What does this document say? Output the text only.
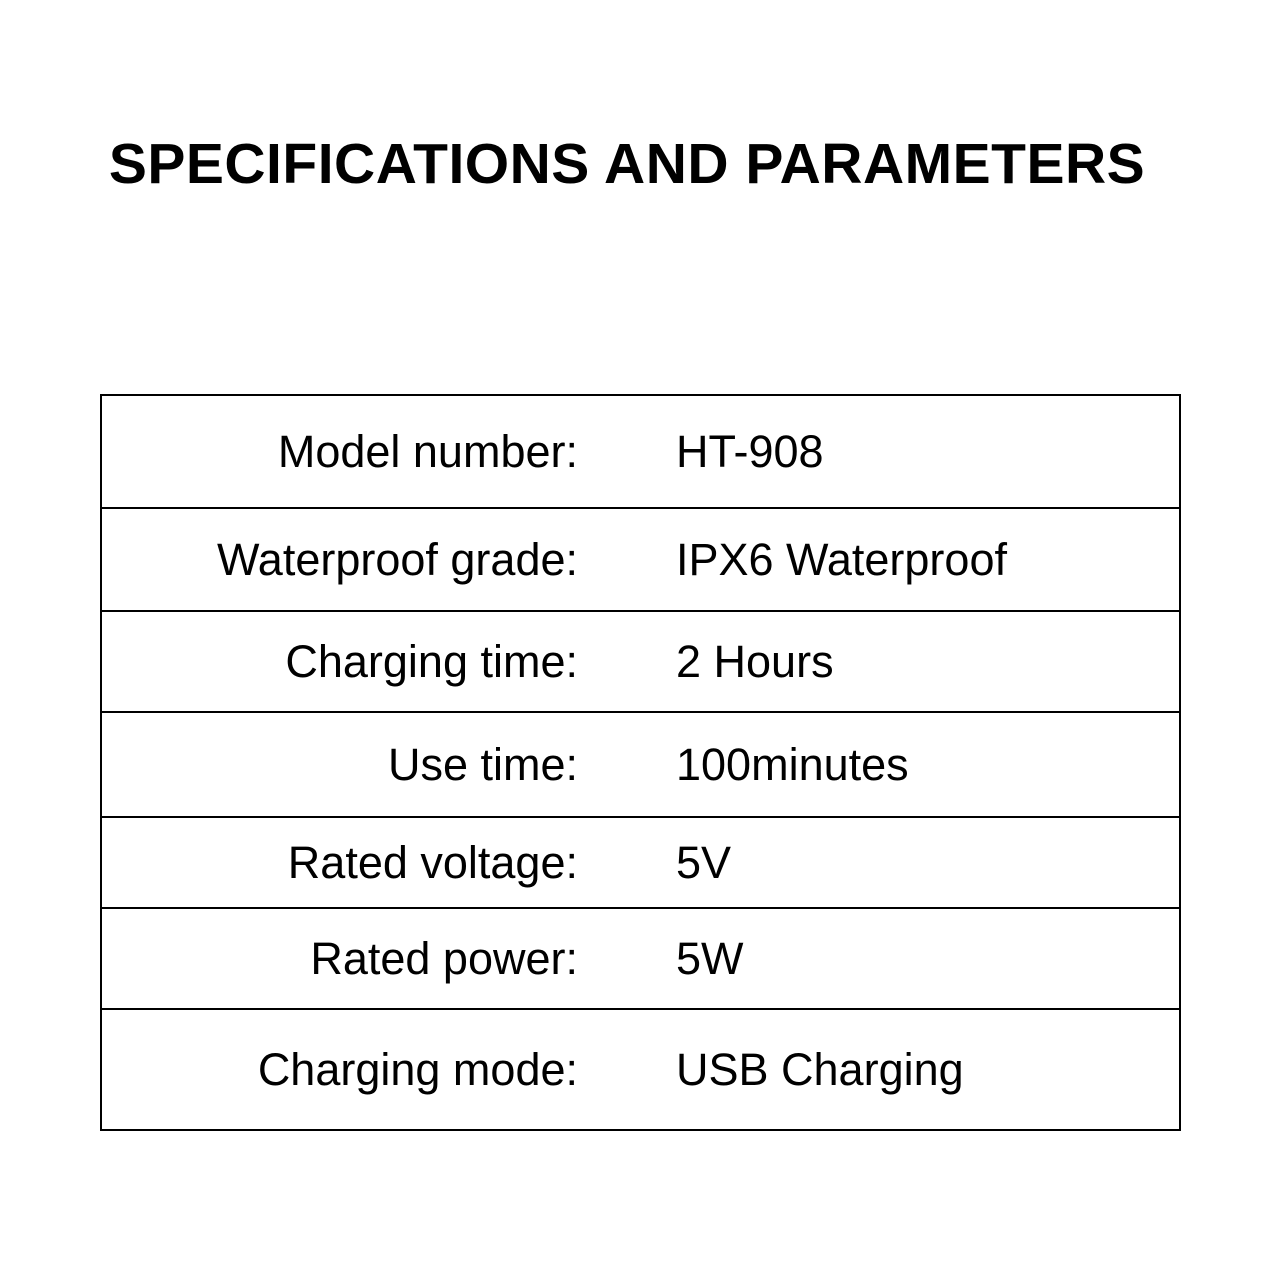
SPECIFICATIONS AND PARAMETERS
Model number: HT-908
Waterproof grade: IPX6 Waterproof
Charging time: 2 Hours
Use time: 100minutes
Rated voltage: 5V
Rated power: 5W
Charging mode: USB Charging
